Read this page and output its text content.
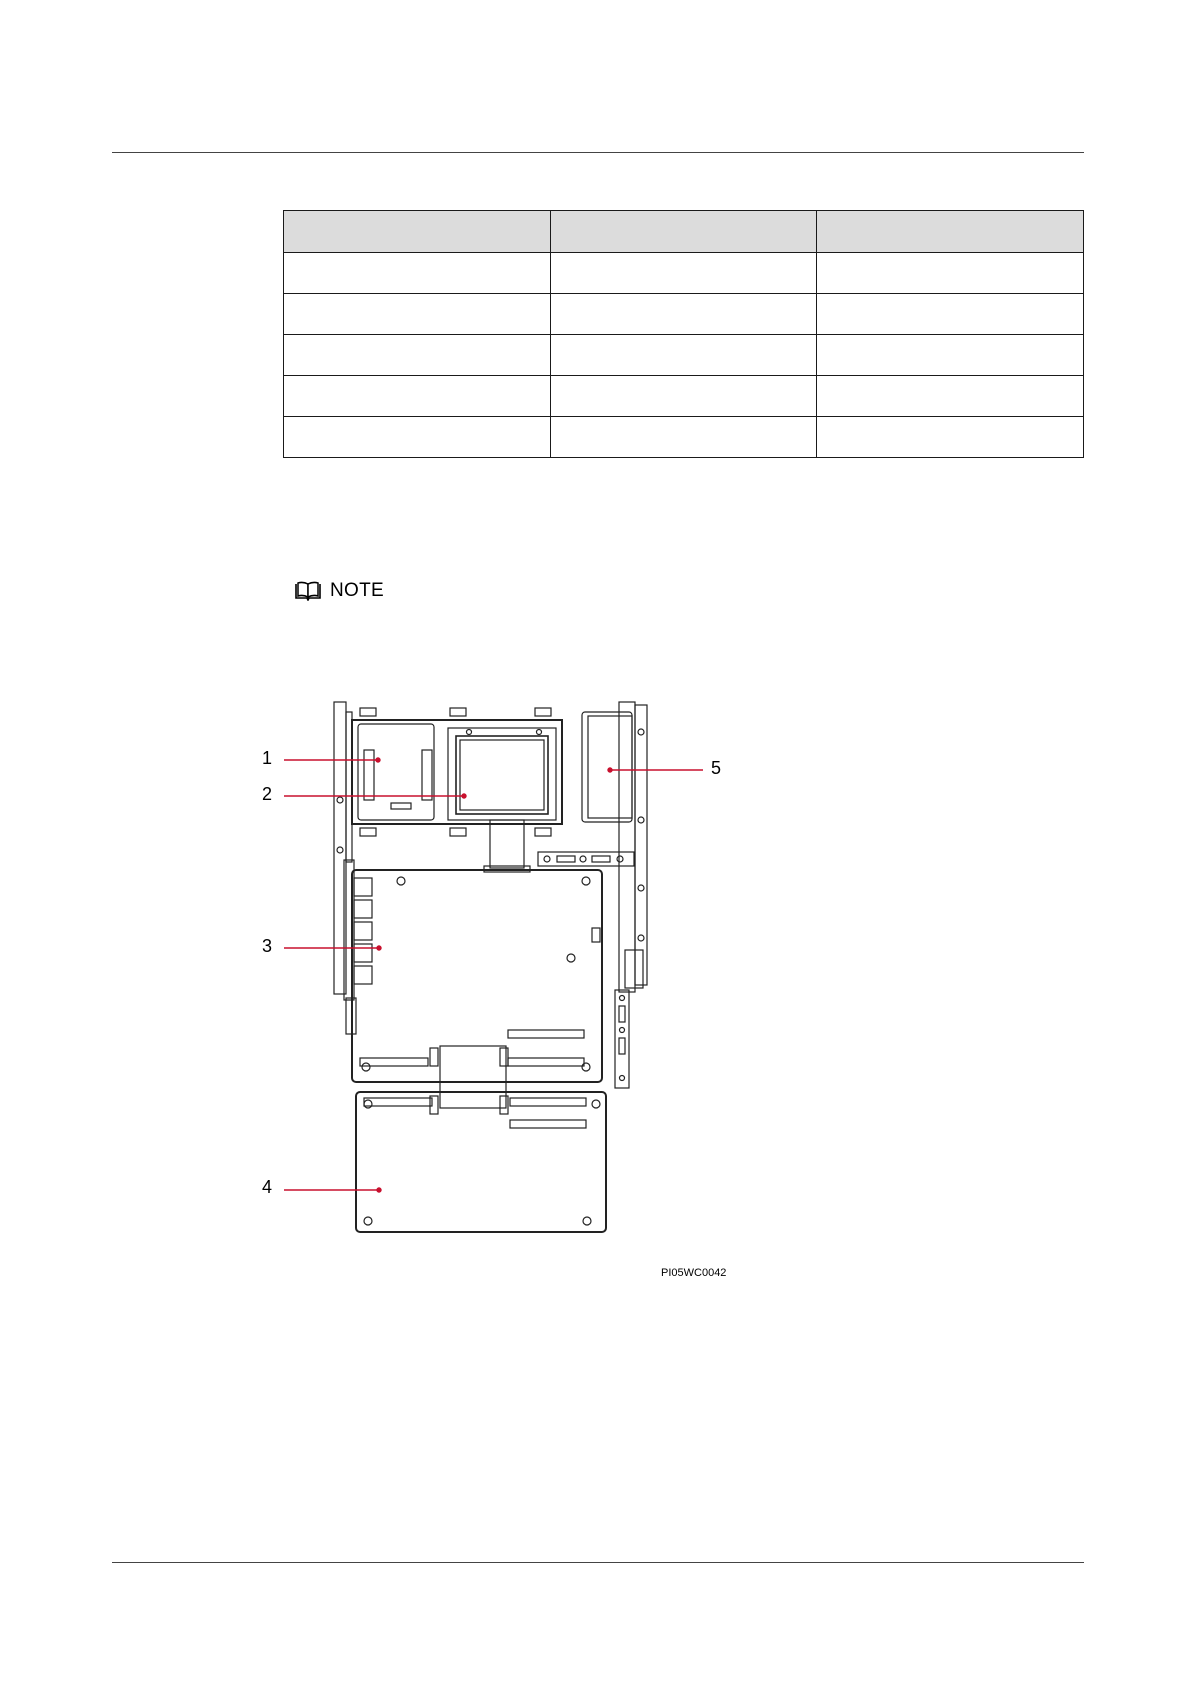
NOTE
1
2
3
4
5
PI05WC0042
